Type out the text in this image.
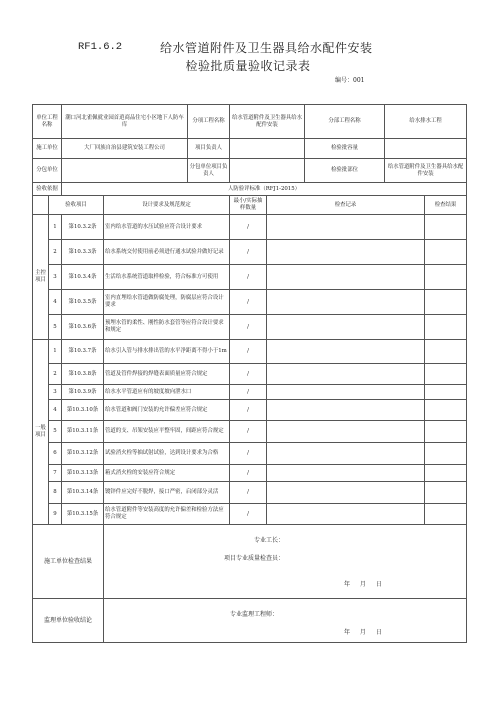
RF1.6.2	给水管道附件及卫生器具给水配件安装
检验批质量验收记录表
编号：001
单位工程名称		潮口河北雀佩就业园首逍商品住宅小区地下人防车库		分项工程名称	给水管道附件及卫生器具给水配件安装		分部工程名称	给水排水工程	
施工单位		大厂回族自治县建筑安装工程公司		项目负责人			检验批容量		
分包单位				分包单位项目负责人			检验批部位	给水管道附件及卫生器具给水配件安装	
验收依据		人防验评标准（RFJ1-2015）							
	验收项目		设计要求及规范规定		最小/实际抽样数量	检查记录			检查结果
主控项目	1	第10.3.2条	室内给水管道的水压试验应符合设计要求		/				
	2	第10.3.3条	给水系统交付使用前必须进行通水试验并做好记录		/				
	3	第10.3.4条	生活给水系统管道取样检验，符合标准方可使用		/				
	4	第10.3.5条	室内直埋给水管道做防腐处理，防腐层应符合设计要求		/				
	5	第10.3.6条	预埋水管的柔性、刚性防水套管等应符合设计要求和规定		/				
一般项目	1	第10.3.7条	给水引入管与排水排出管的水平净距离不得小于1m		/				
	2	第10.3.8条	管道及管件焊接的焊缝表面质量应符合规定		/				
	3	第10.3.9条	给水水平管道应有的坡度坡向泄水口		/				
	4	第10.3.10条	给水管道和阀门安装的允许偏差应符合规定		/				
	5	第10.3.11条	管道的支、吊架安装应平整牢固，间距应符合规定		/				
	6	第10.3.12条	试验消火栓等抽试射试验，达到设计要求为合格		/				
	7	第10.3.13条	箱式消火栓的安装应符合规定		/				
	8	第10.3.14条	镀锌件应完好不脱焊，接口严密，启闭部分灵活		/				
	9	第10.3.15条	给水管道附件等安装高度的允许偏差和检验方法应符合规定		/				
施工单位检查结果			专业工长：
项目专业质量检查员：
年 月 日						

监理单位验收结论			专业监理工程师：
年 月 日						
